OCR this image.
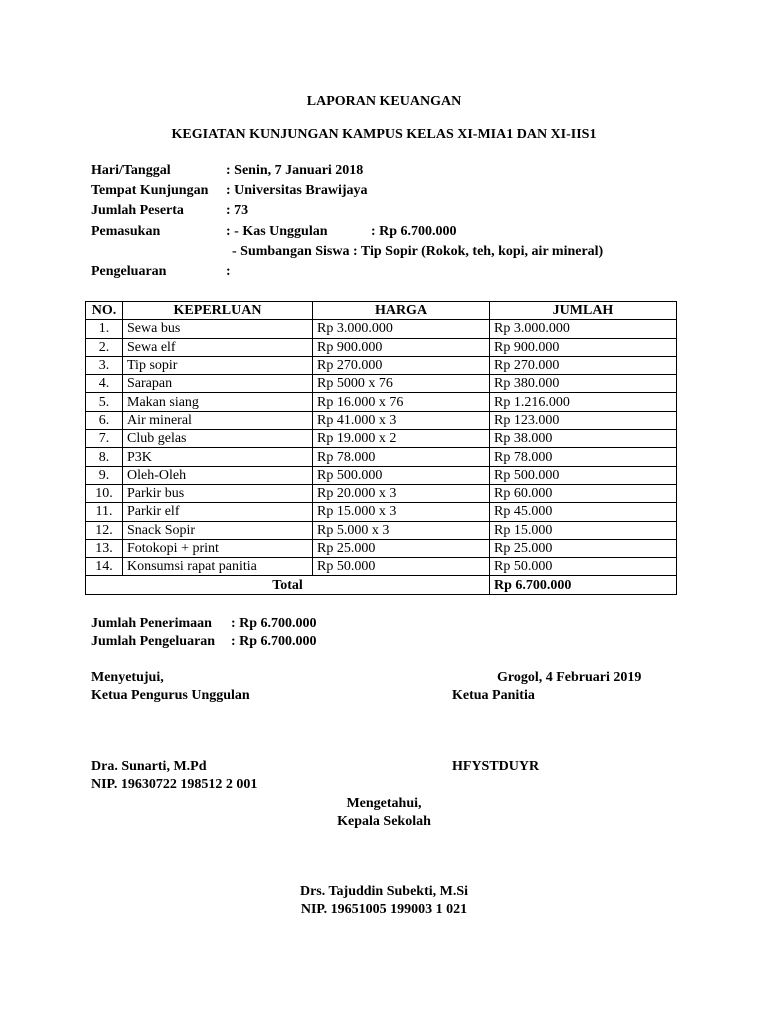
LAPORAN KEUANGAN
KEGIATAN KUNJUNGAN KAMPUS KELAS XI-MIA1 DAN XI-IIS1
Hari/Tanggal	: Senin, 7 Januari 2018
Tempat Kunjungan : Universitas Brawijaya
Jumlah Peserta	: 73
Pemasukan	: - Kas Unggulan	: Rp 6.700.000
- Sumbangan Siswa : Tip Sopir (Rokok, teh, kopi, air mineral)
Pengeluaran	:
NO.	KEPERLUAN	HARGA	JUMLAH
1.	Sewa bus	Rp 3.000.000	Rp 3.000.000
2.	Sewa elf	Rp 900.000	Rp 900.000
3.	Tip sopir	Rp 270.000	Rp 270.000
4.	Sarapan	Rp 5000 x 76	Rp 380.000
5.	Makan siang	Rp 16.000 x 76	Rp 1.216.000
6.	Air mineral	Rp 41.000 x 3	Rp 123.000
7.	Club gelas	Rp 19.000 x 2	Rp 38.000
8.	P3K	Rp 78.000	Rp 78.000
9.	Oleh-Oleh	Rp 500.000	Rp 500.000
10.	Parkir bus	Rp 20.000 x 3	Rp 60.000
11.	Parkir elf	Rp 15.000 x 3	Rp 45.000
12.	Snack Sopir	Rp 5.000 x 3	Rp 15.000
13.	Fotokopi + print	Rp 25.000	Rp 25.000
14.	Konsumsi rapat panitia	Rp 50.000	Rp 50.000
Total			Rp 6.700.000
Jumlah Penerimaan : Rp 6.700.000
Jumlah Pengeluaran : Rp 6.700.000
Menyetujui,
Ketua Pengurus Unggulan
Grogol, 4 Februari 2019
Ketua Panitia
Dra. Sunarti, M.Pd
NIP. 19630722 198512 2 001
HFYSTDUYR
Mengetahui,
Kepala Sekolah
Drs. Tajuddin Subekti, M.Si
NIP. 19651005 199003 1 021
